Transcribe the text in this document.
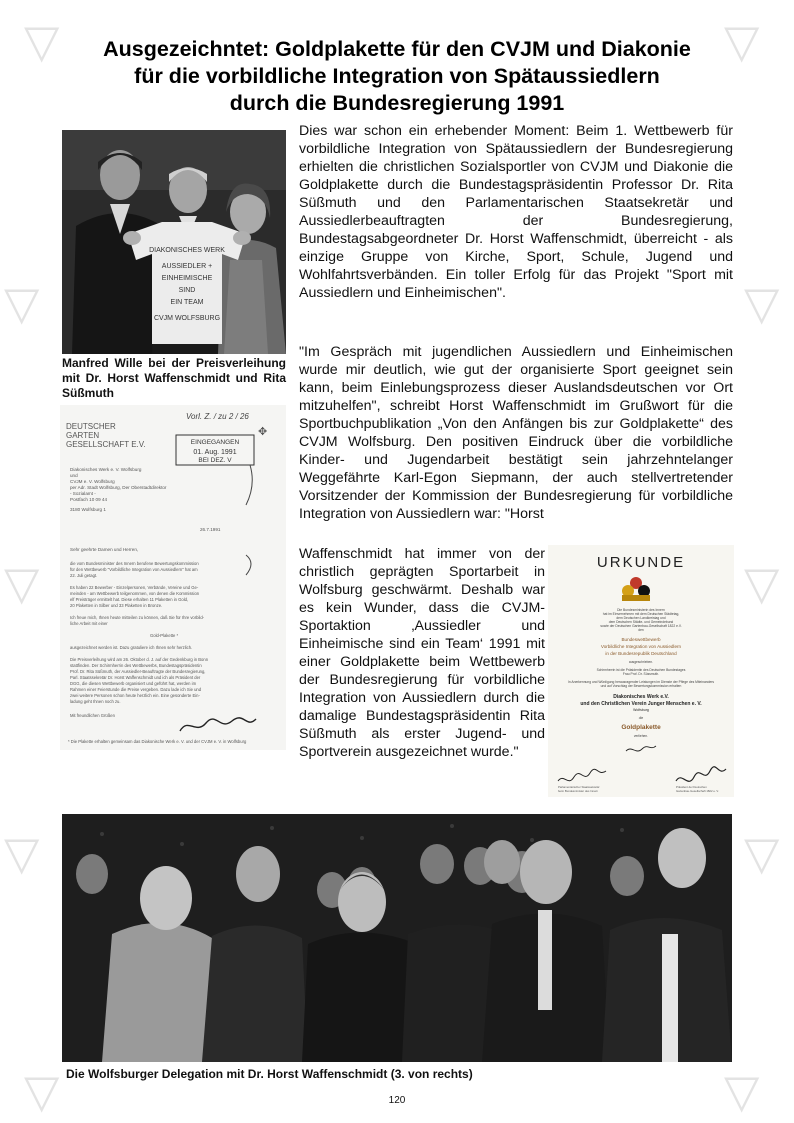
▽	▽
▽	▽
▽	▽
▽	▽
▽	▽
Ausgezeichntet: Goldplakette für den CVJM und Diakonie
für die vorbildliche Integration von Spätaussiedlern
durch die Bundesregierung 1991
DIAKONISCHES WERK
AUSSIEDLER +
EINHEIMISCHE
SIND
EIN TEAM
CVJM WOLFSBURG
Manfred Wille bei der Preisverleihung mit Dr. Horst Waffenschmidt und Rita Süßmuth
DEUTSCHER
GARTEN
GESELLSCHAFT E.V.
Vorl. Z. / zu 2 / 26
EINGEGANGEN
01. Aug. 1991
BEI DEZ. V
✥
Diakonisches Werk e. V. Wolfsburg
und
CVJM e. V. Wolfsburg
per Adr. Stadt Wolfsburg, Der Oberstadtdirektor
- Sozialamt -
Postfach 10 09 44
3180 Wolfsburg 1
26.7.1991
Sehr geehrte Damen und Herren,
die vom Bundesminister des Innern berufene Bewertungskommission
für den Wettbewerb "Vorbildliche Integration von Aussiedlern" hat am
22. Juli getagt.
Es haben 22 Bewerber - Einzelpersonen, Verbände, Vereine und Ge-
meinden - am Wettbewerb teilgenommen, von denen die Kommission
elf Preisträger ermittelt hat. Diese erhalten 11 Plaketten in Gold,
20 Plaketten in Silber und 33 Plaketten in Bronze.
Ich freue mich, Ihnen heute mitteilen zu können, daß Sie für Ihre vorbild-
liche Arbeit mit einer
Gold-Plakette *
ausgezeichnet werden ist. Dazu gratuliere ich Ihnen sehr herzlich.
Die Preisverleihung wird am 26. Oktober d. J. auf der Gedenkburg in Bonn
stattfinden. Der Schirmherrin des Wettbewerbs, Bundestagspräsidentin
Prof. Dr. Rita Süßmuth, der Aussiedler-Beauftragte der Bundesregierung,
Parl. Staatssekretär Dr. Horst Waffenschmidt und ich als Präsident der
DGG, die diesen Wettbewerb organisiert und geführt hat, werden im
Rahmen einer Feierstunde die Preise vergeben. Dazu lade ich Sie und
zwei weitere Personen schon heute herzlich ein. Eine gesonderte Ein-
ladung geht Ihnen noch zu.
Mit freundlichen Grüßen
* Die Plakette erhalten gemeinsam das Diakonische Werk e. V. und der CVJM e. V. in Wolfsburg
Dies war schon ein erhebender Moment: Beim 1. Wettbewerb für vorbildliche Integration von Spätaussiedlern der Bundesregierung erhielten die christlichen Sozialsportler von CVJM und Diakonie die Goldplakette durch die Bundestagspräsidentin Professor Dr. Rita Süßmuth und den Parlamentarischen Staatsekretär und Aussiedlerbeauftragten der Bundesregierung, Bundestagsabgeordneter Dr. Horst Waffenschmidt, überreicht - als einzige Gruppe von Kirche, Sport, Schule, Jugend und Wohlfahrtsverbänden. Ein toller Erfolg für das Projekt "Sport mit Aussiedlern und Einheimischen".
"Im Gespräch mit jugendlichen Aussiedlern und Einheimischen wurde mir deutlich, wie gut der organisierte Sport geeignet sein kann, beim Einlebungsprozess dieser Auslandsdeutschen vor Ort mitzuhelfen", schreibt Horst Waffenschmidt im Grußwort für die Sportbuchpublikation „Von den Anfängen bis zur Goldplakette“ des CVJM Wolfsburg. Den positiven Eindruck über die vorbildliche Kinder- und Jugendarbeit bestätigt sein jahrzehntelanger Weggefährte Karl-Egon Siepmann, der auch stellvertretender Vorsitzender der Kommission der Bundesregierung für vorbildliche Integration von Aussiedlern war: "Horst
Waffenschmidt hat immer von der christlich geprägten Sportarbeit in Wolfsburg geschwärmt. Deshalb war es kein Wunder, dass die CVJM-Sportaktion ‚Aussiedler und Einheimische sind ein Team‘ 1991 mit einer Goldplakette beim Wettbewerb der Bundesregierung für vorbildliche Integration von Aussiedlern durch die damalige Bundestagspräsidentin Rita Süßmuth als erster Jugend- und Sportverein ausgezeichnet wurde."
URKUNDE
Die Bundesministerin des Innern
hat im Einvernehmen mit dem Deutschen Städtetag,
dem Deutschen Landkreistag und
dem Deutschen Städte- und Gemeindebund
sowie der Deutschen Gartenbau-Gesellschaft 1822 e.V.
den
Bundeswettbewerb
Vorbildliche Integration von Aussiedlern
in der Bundesrepublik Deutschland
ausgeschrieben.
Schirmherrin ist die Präsidentin des Deutschen Bundestages
Frau Prof. Dr. Süssmuth.
In Anerkennung und Würdigung herausragender Leistungen im Dienste der Pflege des Miteinanders
und auf Vorschlag der Bewertungskommission erhalten
Diakonisches Werk e.V.
und den Christlichen Verein Junger Menschen e. V.
Wolfsburg
die
Goldplakette
verliehen.
Parlamentarischer Staatssekretär
beim Bundesminister des Innern
Präsident der Deutschen
Gartenbau-Gesellschaft 1822 e. V.
Die Wolfsburger Delegation mit Dr. Horst Waffenschmidt (3. von rechts)
120
